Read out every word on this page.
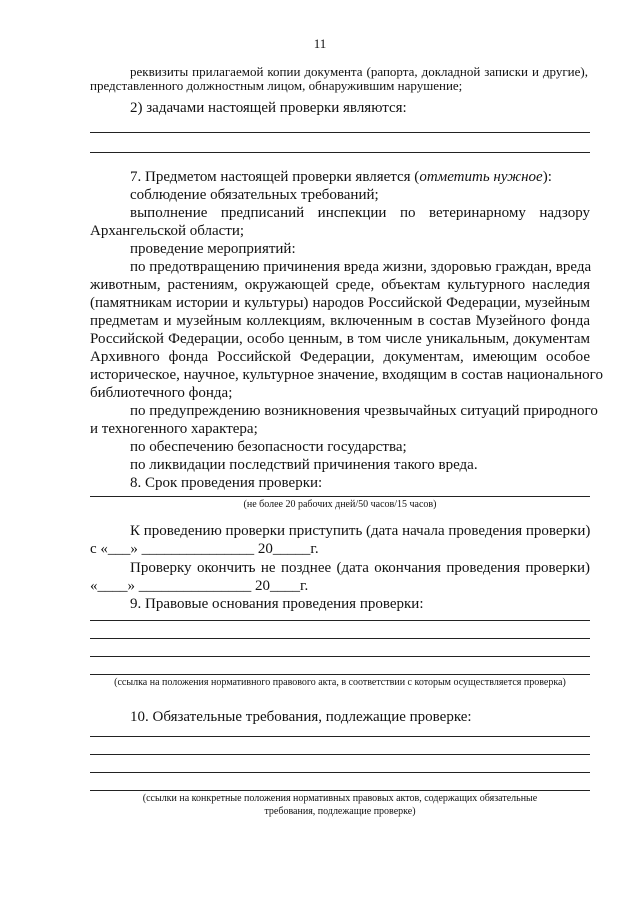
11
реквизиты прилагаемой копии документа (рапорта, докладной записки и другие),
представленного должностным лицом, обнаружившим нарушение;
2) задачами настоящей проверки являются:
7. Предметом настоящей проверки является (отметить нужное):
соблюдение обязательных требований;
выполнение предписаний инспекции по ветеринарному надзору
Архангельской области;
проведение мероприятий:
по предотвращению причинения вреда жизни, здоровью граждан, вреда
животным, растениям, окружающей среде, объектам культурного наследия
(памятникам истории и культуры) народов Российской Федерации, музейным
предметам и музейным коллекциям, включенным в состав Музейного фонда
Российской Федерации, особо ценным, в том числе уникальным, документам
Архивного фонда Российской Федерации, документам, имеющим особое
историческое, научное, культурное значение, входящим в состав национального
библиотечного фонда;
по предупреждению возникновения чрезвычайных ситуаций природного
и техногенного характера;
по обеспечению безопасности государства;
по ликвидации последствий причинения такого вреда.
8. Срок проведения проверки:
(не более 20 рабочих дней/50 часов/15 часов)
К проведению проверки приступить (дата начала проведения проверки)
с «___» _______________ 20_____г.
Проверку окончить не позднее (дата окончания проведения проверки)
«____» _______________ 20____г.
9. Правовые основания проведения проверки:
(ссылка на положения нормативного правового акта, в соответствии с которым осуществляется проверка)
10. Обязательные требования, подлежащие проверке:
(ссылки на конкретные положения нормативных правовых актов, содержащих обязательные
требования, подлежащие проверке)
